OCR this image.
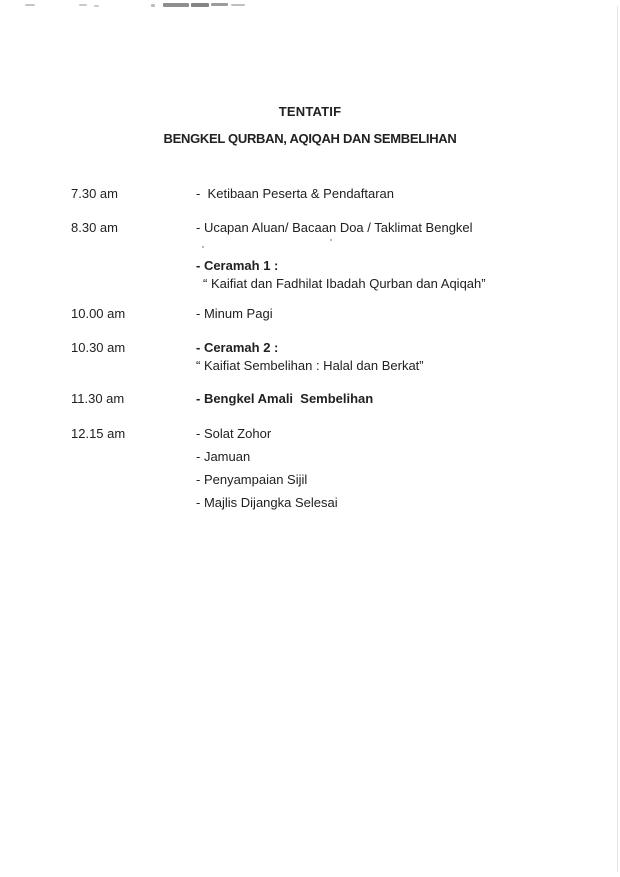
TENTATIF
BENGKEL QURBAN, AQIQAH DAN SEMBELIHAN
7.30 am	-  Ketibaan Peserta & Pendaftaran
8.30 am	- Ucapan Aluan/ Bacaan Doa / Taklimat Bengkel
- Ceramah 1 :
“ Kaifiat dan Fadhilat Ibadah Qurban dan Aqiqah”
10.00 am	- Minum Pagi
10.30 am	- Ceramah 2 :
“ Kaifiat Sembelihan : Halal dan Berkat”
11.30 am	- Bengkel Amali  Sembelihan
12.15 am	- Solat Zohor
- Jamuan
- Penyampaian Sijil
- Majlis Dijangka Selesai
